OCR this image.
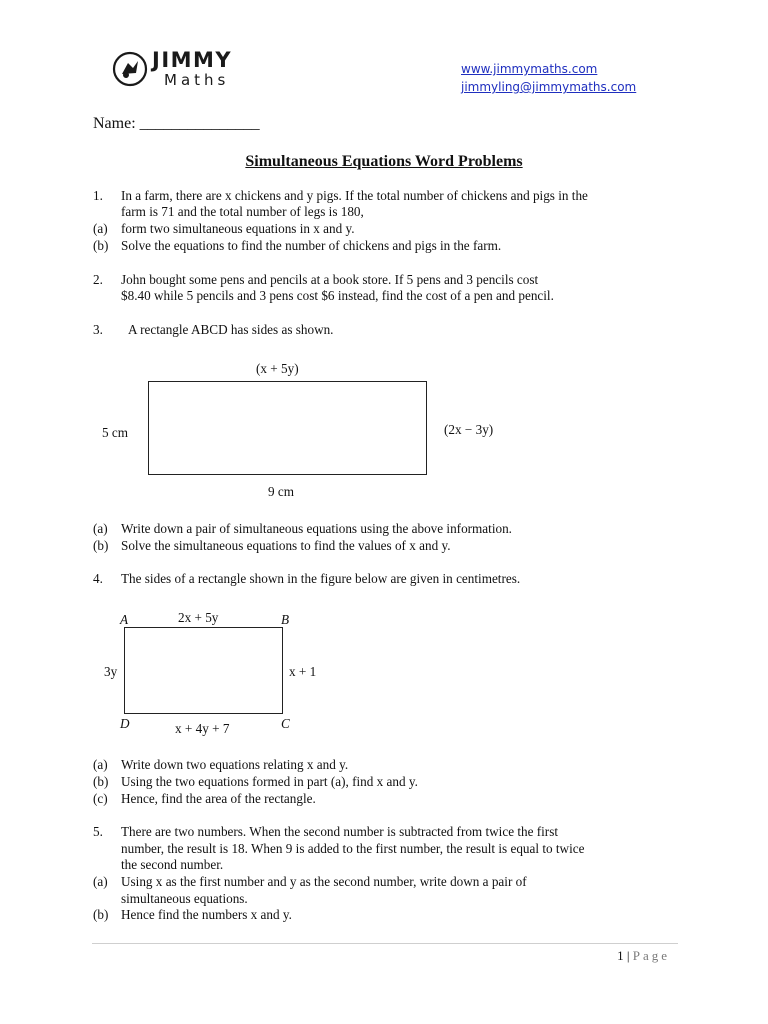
JIMMY
Maths
www.jimmymaths.com
jimmyling@jimmymaths.com
Name: _______________
Simultaneous Equations Word Problems
1. In a farm, there are x chickens and y pigs. If the total number of chickens and pigs in the
farm is 71 and the total number of legs is 180,
(a) form two simultaneous equations in x and y.
(b) Solve the equations to find the number of chickens and pigs in the farm.
2. John bought some pens and pencils at a book store. If 5 pens and 3 pencils cost
$8.40 while 5 pencils and 3 pens cost $6 instead, find the cost of a pen and pencil.
3. A rectangle ABCD has sides as shown.
(x + 5y)
5 cm	(2x − 3y)
9 cm
(a) Write down a pair of simultaneous equations using the above information.
(b) Solve the simultaneous equations to find the values of x and y.
4. The sides of a rectangle shown in the figure below are given in centimetres.
A	2x + 5y	B
3y	x + 1
D	x + 4y + 7	C
(a) Write down two equations relating x and y.
(b) Using the two equations formed in part (a), find x and y.
(c) Hence, find the area of the rectangle.
5. There are two numbers. When the second number is subtracted from twice the first
number, the result is 18. When 9 is added to the first number, the result is equal to twice
the second number.
(a) Using x as the first number and y as the second number, write down a pair of
simultaneous equations.
(b) Hence find the numbers x and y.
1 | Page
